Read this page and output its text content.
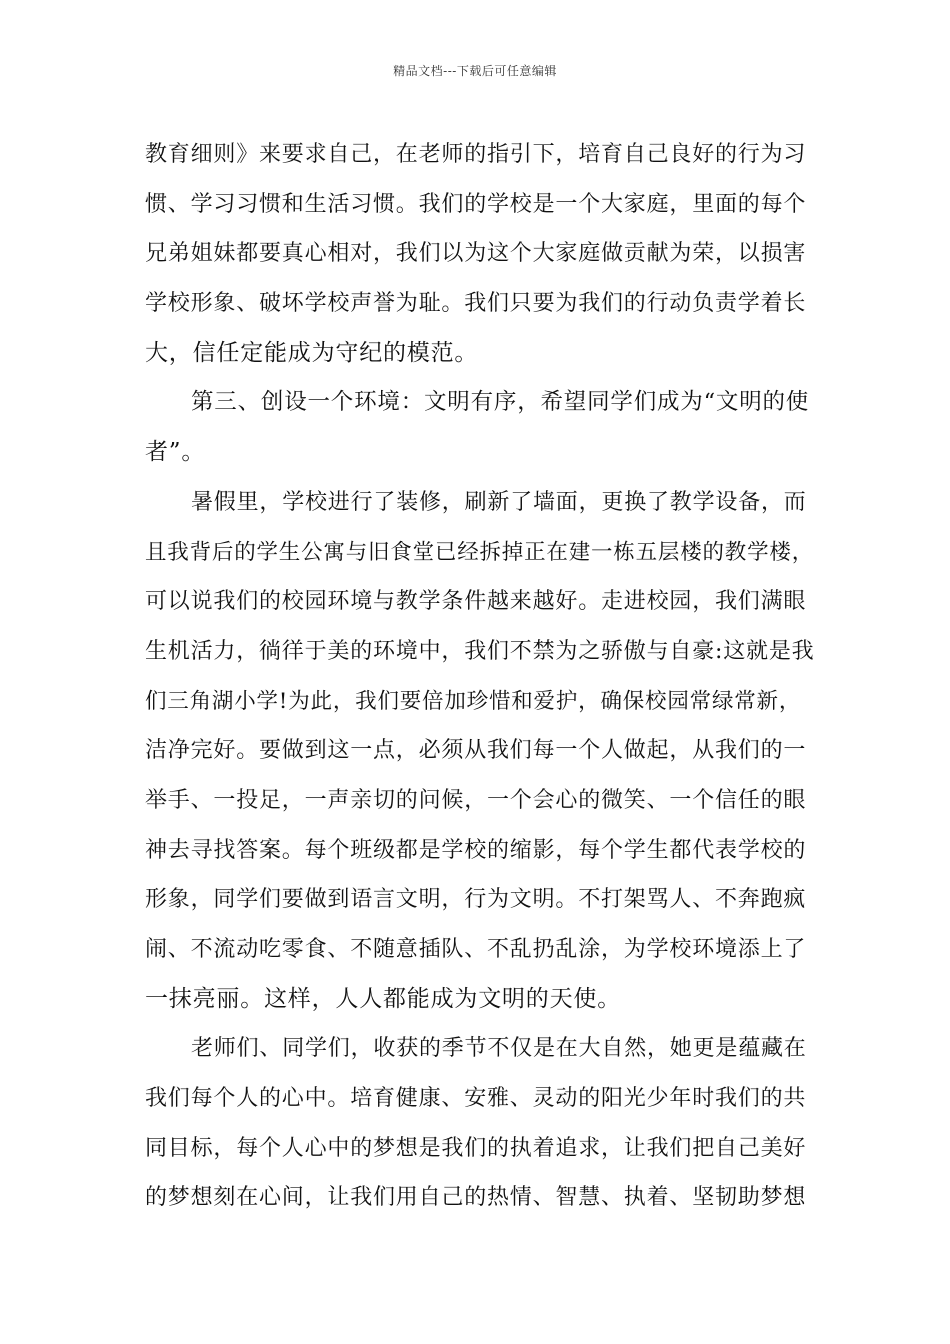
精品文档---下载后可任意编辑
教育细则》来要求自己，在老师的指引下，培育自己良好的行为习
惯、学习习惯和生活习惯。我们的学校是一个大家庭，里面的每个
兄弟姐妹都要真心相对，我们以为这个大家庭做贡献为荣，以损害
学校形象、破坏学校声誉为耻。我们只要为我们的行动负责学着长
大，信任定能成为守纪的模范。
第三、创设一个环境：文明有序，希望同学们成为“文明的使
者”。
暑假里，学校进行了装修，刷新了墙面，更换了教学设备，而
且我背后的学生公寓与旧食堂已经拆掉正在建一栋五层楼的教学楼，
可以说我们的校园环境与教学条件越来越好。走进校园，我们满眼
生机活力，徜徉于美的环境中，我们不禁为之骄傲与自豪:这就是我
们三角湖小学!为此，我们要倍加珍惜和爱护，确保校园常绿常新，
洁净完好。要做到这一点，必须从我们每一个人做起，从我们的一
举手、一投足，一声亲切的问候，一个会心的微笑、一个信任的眼
神去寻找答案。每个班级都是学校的缩影，每个学生都代表学校的
形象，同学们要做到语言文明，行为文明。不打架骂人、不奔跑疯
闹、不流动吃零食、不随意插队、不乱扔乱涂，为学校环境添上了
一抹亮丽。这样，人人都能成为文明的天使。
老师们、同学们，收获的季节不仅是在大自然，她更是蕴藏在
我们每个人的心中。培育健康、安雅、灵动的阳光少年时我们的共
同目标，每个人心中的梦想是我们的执着追求，让我们把自己美好
的梦想刻在心间，让我们用自己的热情、智慧、执着、坚韧助梦想
